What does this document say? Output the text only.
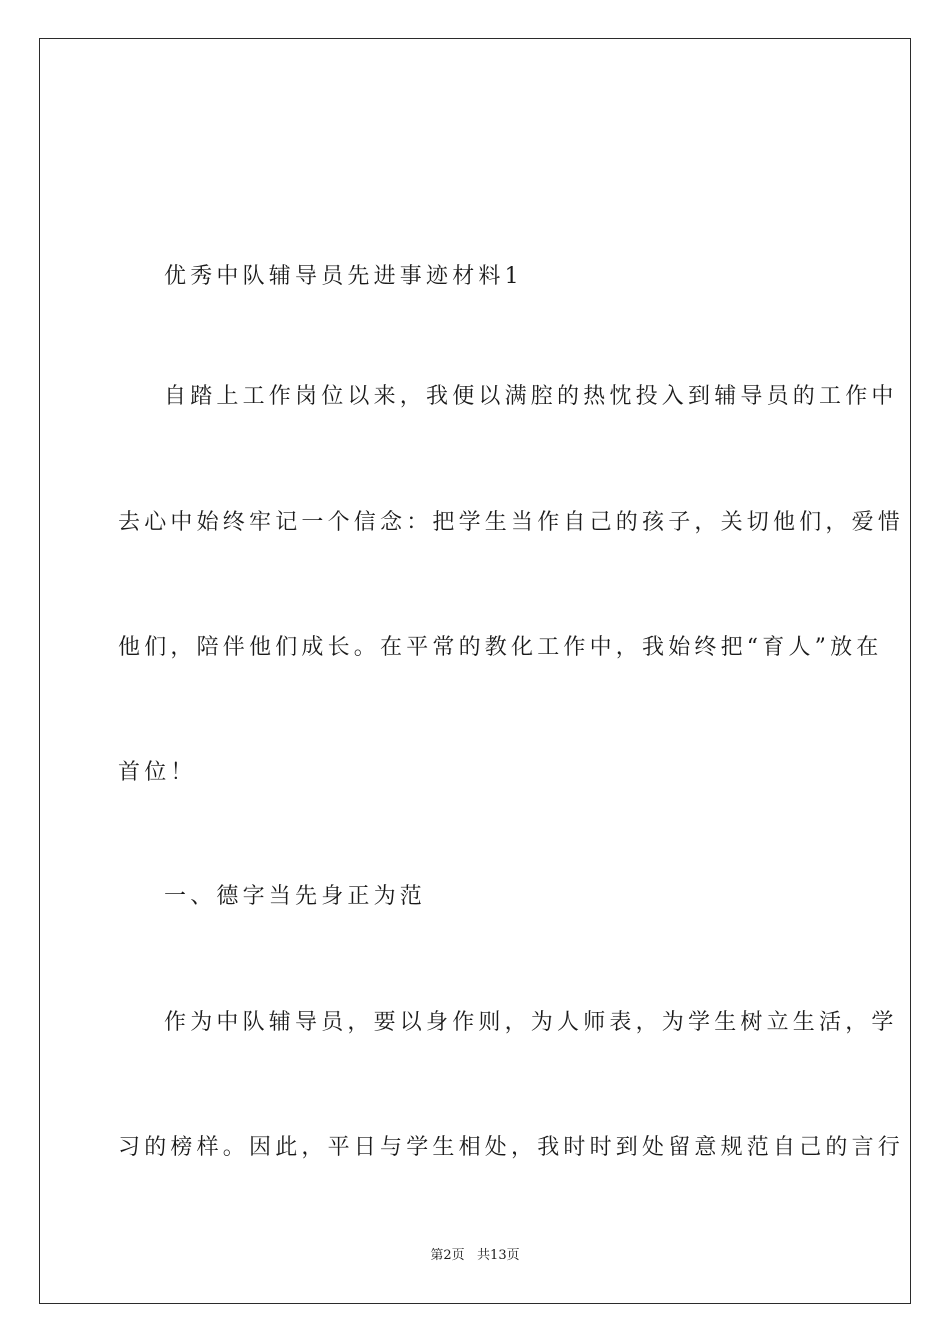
优秀中队辅导员先进事迹材料1
自踏上工作岗位以来，我便以满腔的热忱投入到辅导员的工作中
去心中始终牢记一个信念：把学生当作自己的孩子，关切他们，爱惜
他们，陪伴他们成长。在平常的教化工作中，我始终把“育人”放在
首位！
一、德字当先身正为范
作为中队辅导员，要以身作则，为人师表，为学生树立生活，学
习的榜样。因此，平日与学生相处，我时时到处留意规范自己的言行
第2页   共13页
